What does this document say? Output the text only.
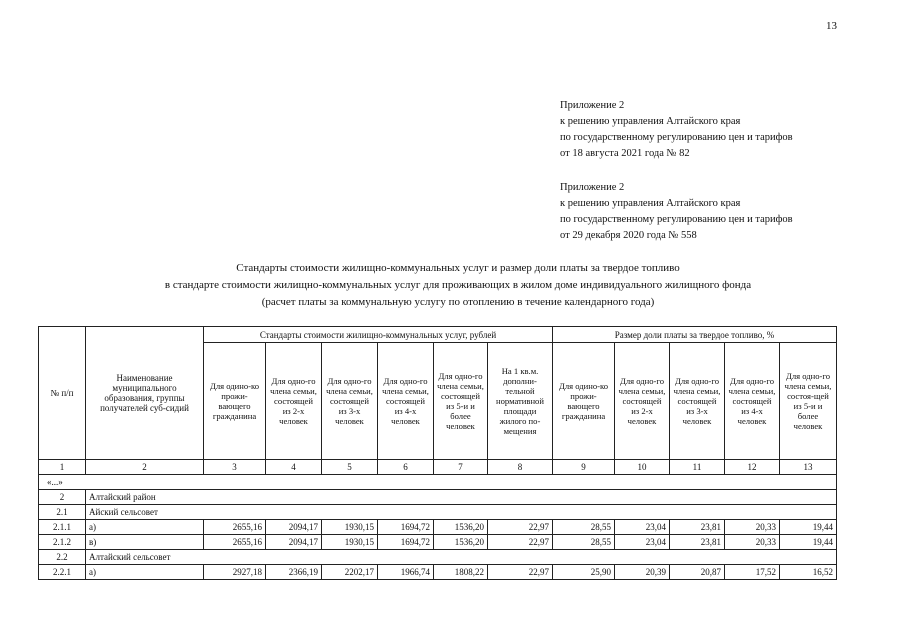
13
Приложение 2
к решению управления Алтайского края
по государственному регулированию цен и тарифов
от 18 августа 2021 года № 82
Приложение 2
к решению управления Алтайского края
по государственному регулированию цен и тарифов
от 29 декабря 2020 года № 558
Стандарты стоимости жилищно-коммунальных услуг и размер доли платы за твердое топливо
в стандарте стоимости жилищно-коммунальных услуг для проживающих в жилом доме индивидуального жилищного фонда
(расчет платы за коммунальную услугу по отоплению в течение календарного года)
№ п/п	Наименование муниципального образования, группы получателей суб-сидий	Стандарты стоимости жилищно-коммунальных услуг, рублей						Размер доли платы за твердое топливо, %				
		Для одино-ко прожи-вающего гражданина	Для одно-го члена семьи, состоящей из 2-х человек	Для одно-го члена семьи, состоящей из 3-х человек	Для одно-го члена семьи, состоящей из 4-х человек	Для одно-го члена семьи, состоящей из 5-и и более человек	На 1 кв.м. дополни-тельной нормативной площади жилого по-мещения	Для одино-ко прожи-вающего гражданина	Для одно-го члена семьи, состоящей из 2-х человек	Для одно-го члена семьи, состоящей из 3-х человек	Для одно-го члена семьи, состоящей из 4-х человек	Для одно-го члена семьи, состоя-щей из 5-и и более человек
1	2	3	4	5	6	7	8	9	10	11	12	13
«...»												
2	Алтайский район											
2.1	Айский сельсовет											
2.1.1	а)	2655,16	2094,17	1930,15	1694,72	1536,20	22,97	28,55	23,04	23,81	20,33	19,44
2.1.2	в)	2655,16	2094,17	1930,15	1694,72	1536,20	22,97	28,55	23,04	23,81	20,33	19,44
2.2	Алтайский сельсовет											
2.2.1	а)	2927,18	2366,19	2202,17	1966,74	1808,22	22,97	25,90	20,39	20,87	17,52	16,52
